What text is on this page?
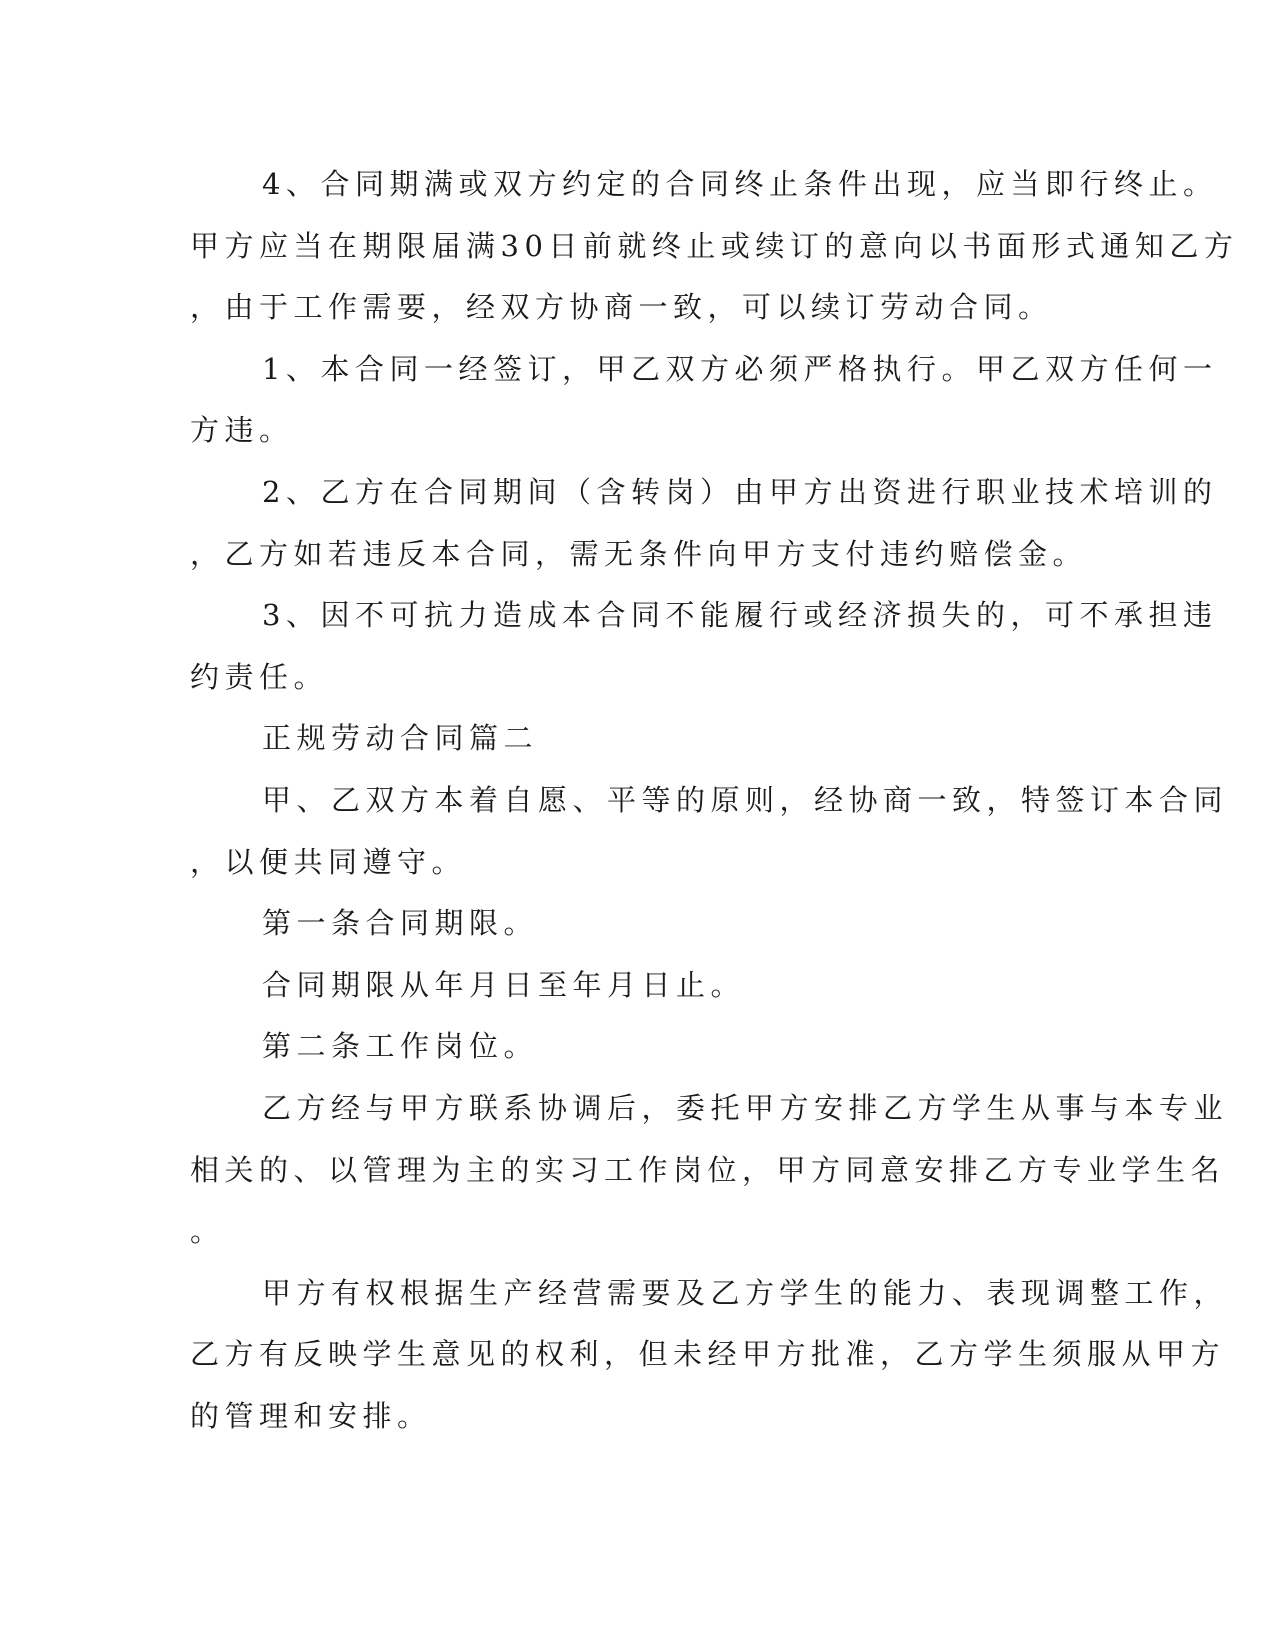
4、合同期满或双方约定的合同终止条件出现，应当即行终止。
甲方应当在期限届满30日前就终止或续订的意向以书面形式通知乙方
，由于工作需要，经双方协商一致，可以续订劳动合同。
1、本合同一经签订，甲乙双方必须严格执行。甲乙双方任何一
方违。
2、乙方在合同期间（含转岗）由甲方出资进行职业技术培训的
，乙方如若违反本合同，需无条件向甲方支付违约赔偿金。
3、因不可抗力造成本合同不能履行或经济损失的，可不承担违
约责任。
正规劳动合同篇二
甲、乙双方本着自愿、平等的原则，经协商一致，特签订本合同
，以便共同遵守。
第一条合同期限。
合同期限从年月日至年月日止。
第二条工作岗位。
乙方经与甲方联系协调后，委托甲方安排乙方学生从事与本专业
相关的、以管理为主的实习工作岗位，甲方同意安排乙方专业学生名
。
甲方有权根据生产经营需要及乙方学生的能力、表现调整工作，
乙方有反映学生意见的权利，但未经甲方批准，乙方学生须服从甲方
的管理和安排。
